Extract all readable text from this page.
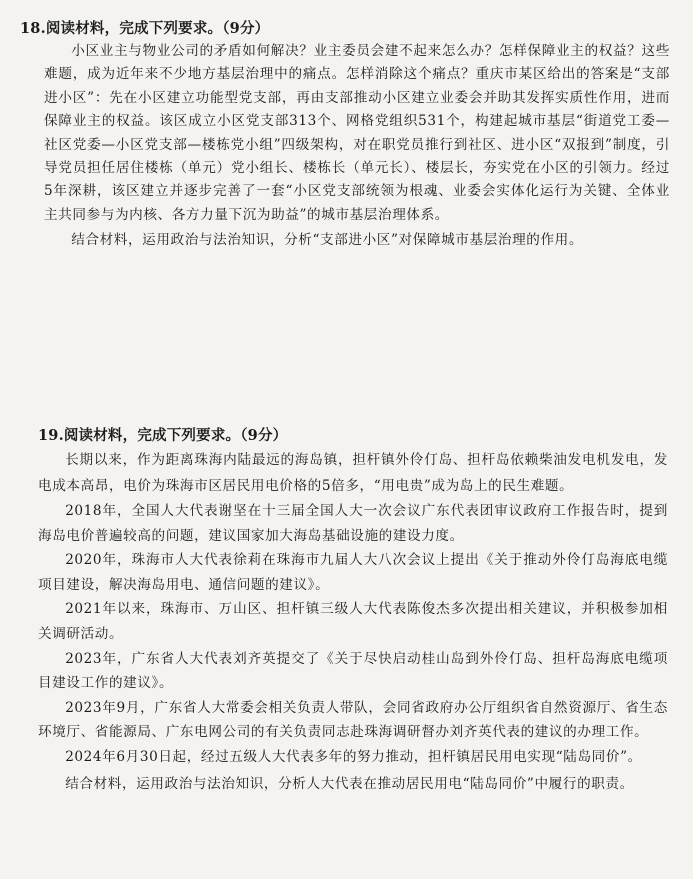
18.阅读材料，完成下列要求。（9分）

小区业主与物业公司的矛盾如何解决？业主委员会建不起来怎么办？怎样保障业主的权益？这些难题，成为近年来不少地方基层治理中的痛点。怎样消除这个痛点？重庆市某区给出的答案是“支部进小区”：先在小区建立功能型党支部，再由支部推动小区建立业委会并助其发挥实质性作用，进而保障业主的权益。该区成立小区党支部313个、网格党组织531个，构建起城市基层“街道党工委—社区党委—小区党支部—楼栋党小组”四级架构，对在职党员推行到社区、进小区“双报到”制度，引导党员担任居住楼栋（单元）党小组长、楼栋长（单元长）、楼层长，夯实党在小区的引领力。经过5年深耕，该区建立并逐步完善了一套“小区党支部统领为根魂、业委会实体化运行为关键、全体业主共同参与为内核、各方力量下沉为助益”的城市基层治理体系。

结合材料，运用政治与法治知识，分析“支部进小区”对保障城市基层治理的作用。

19.阅读材料，完成下列要求。（9分）

长期以来，作为距离珠海内陆最远的海岛镇，担杆镇外伶仃岛、担杆岛依赖柴油发电机发电，发电成本高昂，电价为珠海市区居民用电价格的5倍多，“用电贵”成为岛上的民生难题。

2018年，全国人大代表谢坚在十三届全国人大一次会议广东代表团审议政府工作报告时，提到海岛电价普遍较高的问题，建议国家加大海岛基础设施的建设力度。

2020年，珠海市人大代表徐莉在珠海市九届人大八次会议上提出《关于推动外伶仃岛海底电缆项目建设，解决海岛用电、通信问题的建议》。

2021年以来，珠海市、万山区、担杆镇三级人大代表陈俊杰多次提出相关建议，并积极参加相关调研活动。

2023年，广东省人大代表刘齐英提交了《关于尽快启动桂山岛到外伶仃岛、担杆岛海底电缆项目建设工作的建议》。

2023年9月，广东省人大常委会相关负责人带队，会同省政府办公厅组织省自然资源厅、省生态环境厅、省能源局、广东电网公司的有关负责同志赴珠海调研督办刘齐英代表的建议的办理工作。

2024年6月30日起，经过五级人大代表多年的努力推动，担杆镇居民用电实现“陆岛同价”。

结合材料，运用政治与法治知识，分析人大代表在推动居民用电“陆岛同价”中履行的职责。
